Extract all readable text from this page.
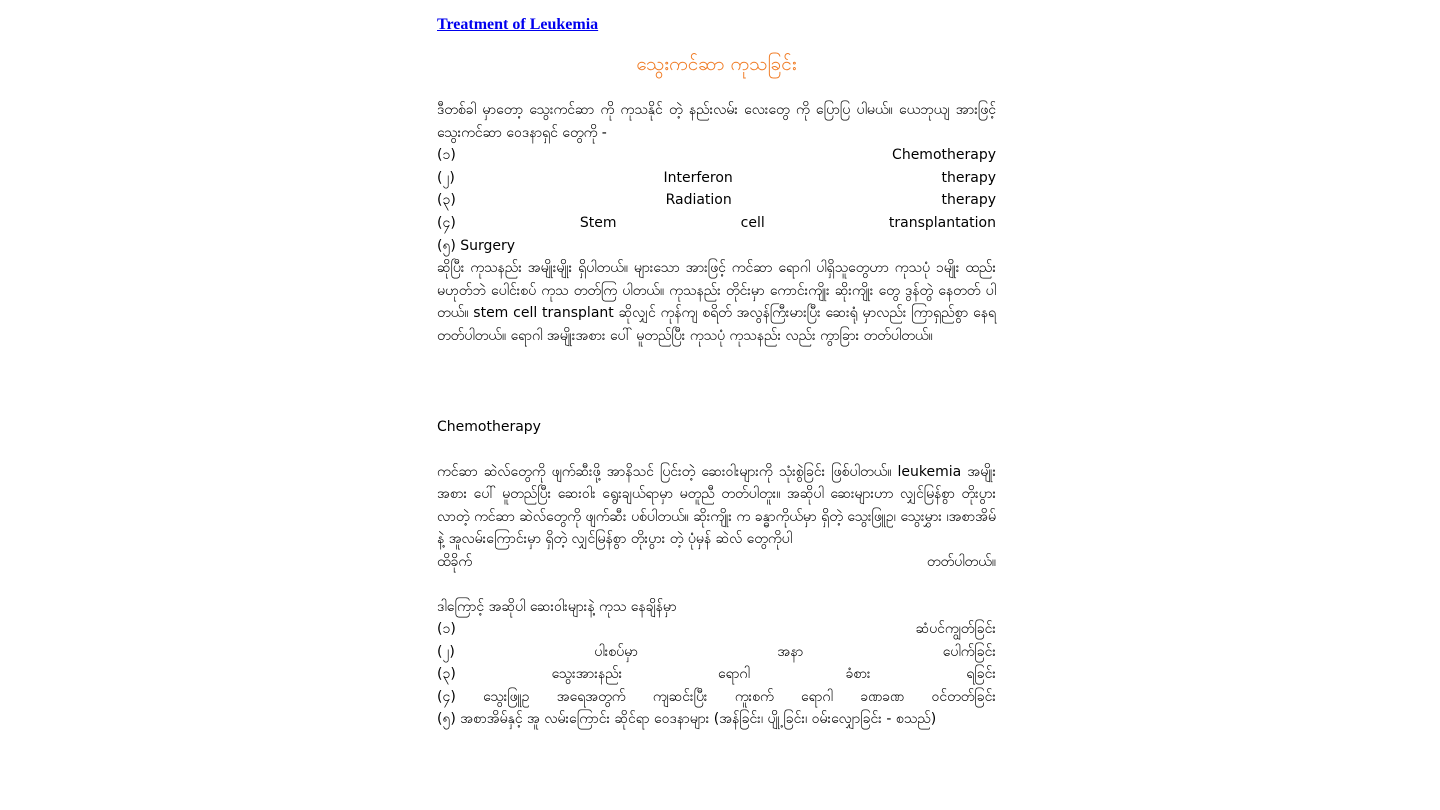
Treatment of Leukemia
သွေးကင်ဆာ ကုသခြင်း

ဒီတစ်ခါ မှာတော့ သွေးကင်ဆာ ကို ကုသနိုင် တဲ့ နည်းလမ်း လေးတွေ ကို ပြောပြ ပါမယ်။ ယေဘုယျ အားဖြင့် သွေးကင်ဆာ ဝေဒနာရှင် တွေကို -

(၁)	Chemotherapy
(၂)	Interferon	therapy
(၃)	Radiation	therapy
(၄)	Stem	cell	transplantation
(၅) Surgery

ဆိုပြီး ကုသနည်း အမျိုးမျိုး ရှိပါတယ်။ များသော အားဖြင့် ကင်ဆာ ရောဂါ ပါရှိသူတွေဟာ ကုသပုံ ၁မျိုး ထည်း မဟုတ်ဘဲ ပေါင်းစပ် ကုသ တတ်ကြ ပါတယ်။ ကုသနည်း တိုင်းမှာ ကောင်းကျိုး ဆိုးကျိုး တွေ ဒွန်တွဲ နေတတ် ပါတယ်။ stem cell transplant ဆိုလျှင် ကုန်ကျ စရိတ် အလွန်ကြီးမားပြီး ဆေးရုံ မှာလည်း ကြာရှည်စွာ နေရ တတ်ပါတယ်။ ရောဂါ အမျိုးအစား ပေါ် မူတည်ပြီး ကုသပုံ ကုသနည်း လည်း ကွာခြား တတ်ပါတယ်။

Chemotherapy

ကင်ဆာ ဆဲလ်တွေကို ဖျက်ဆီးဖို့ အာနိသင် ပြင်းတဲ့ ဆေးဝါးများကို သုံးစွဲခြင်း ဖြစ်ပါတယ်။ leukemia အမျိုးအစား ပေါ် မူတည်ပြီး ဆေးဝါး ရွေးချယ်ရာမှာ မတူညီ တတ်ပါတူး။ အဆိုပါ ဆေးများဟာ လျှင်မြန်စွာ တိုးပွား လာတဲ့ ကင်ဆာ ဆဲလ်တွေကို ဖျက်ဆီး ပစ်ပါတယ်။ ဆိုးကျိုး က ခန္ဓာကိုယ်မှာ ရှိတဲ့ သွေးဖြူဥ၊ သွေးမွှား ၊အစာအိမ်နဲ့ အူလမ်းကြောင်းမှာ ရှိတဲ့ လျှင်မြန်စွာ တိုးပွား တဲ့ ပုံမှန် ဆဲလ် တွေကိုပါ

ထိခိုက်	တတ်ပါတယ်။
ဒါကြောင့် အဆိုပါ ဆေးဝါးများနဲ့ ကုသ နေချိန်မှာ
(၁)	ဆံပင်ကျွတ်ခြင်း
(၂)	ပါးစပ်မှာ	အနာ	ပေါက်ခြင်း
(၃)	သွေးအားနည်း	ရောဂါ	ခံစား	ရခြင်း
(၄) သွေးဖြူဥ အရေအတွက် ကျဆင်းပြီး ကူးစက် ရောဂါ ခဏခဏ ဝင်တတ်ခြင်း
(၅) အစာအိမ်နှင့် အူ လမ်းကြောင်း ဆိုင်ရာ ဝေဒနာများ (အန်ခြင်း၊ ပျို့ခြင်း၊ ဝမ်းလျှောခြင်း - စသည်)
